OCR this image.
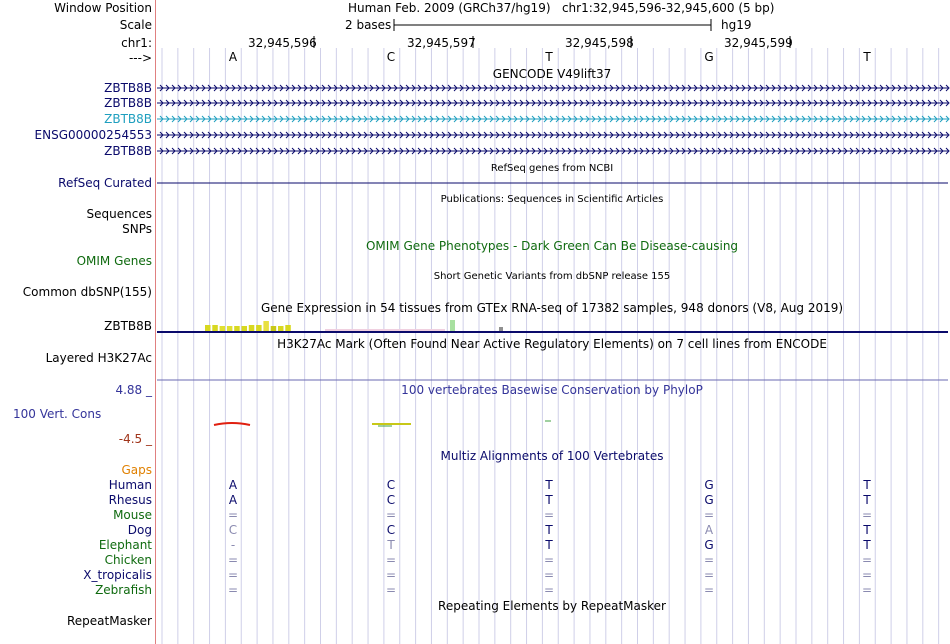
Window Position	Human Feb. 2009 (GRCh37/hg19)   chr1:32,945,596-32,945,600 (5 bp)
Scale	2 bases	hg19
chr1:	32,945,596	32,945,597	32,945,598	32,945,599
--->	A	C	T	G	T
GENCODE V49lift37
ZBTB8B
ZBTB8B
ZBTB8B
ENSG00000254553
ZBTB8B
RefSeq genes from NCBI
RefSeq Curated
Publications: Sequences in Scientific Articles
Sequences
SNPs
OMIM Gene Phenotypes - Dark Green Can Be Disease-causing
OMIM Genes
Short Genetic Variants from dbSNP release 155
Common dbSNP(155)
Gene Expression in 54 tissues from GTEx RNA-seq of 17382 samples, 948 donors (V8, Aug 2019)
ZBTB8B
H3K27Ac Mark (Often Found Near Active Regulatory Elements) on 7 cell lines from ENCODE
Layered H3K27Ac
100 vertebrates Basewise Conservation by PhyloP
4.88 _
100 Vert. Cons
-4.5 _
Multiz Alignments of 100 Vertebrates
Gaps
Human	A	C	T	G	T
Rhesus	A	C	T	G	T
Mouse	=	=	=	=	=
Dog	C	C	T	A	T
Elephant	-	T	T	G	T
Chicken	=	=	=	=	=
X_tropicalis	=	=	=	=	=
Zebrafish	=	=	=	=	=
Repeating Elements by RepeatMasker
RepeatMasker
